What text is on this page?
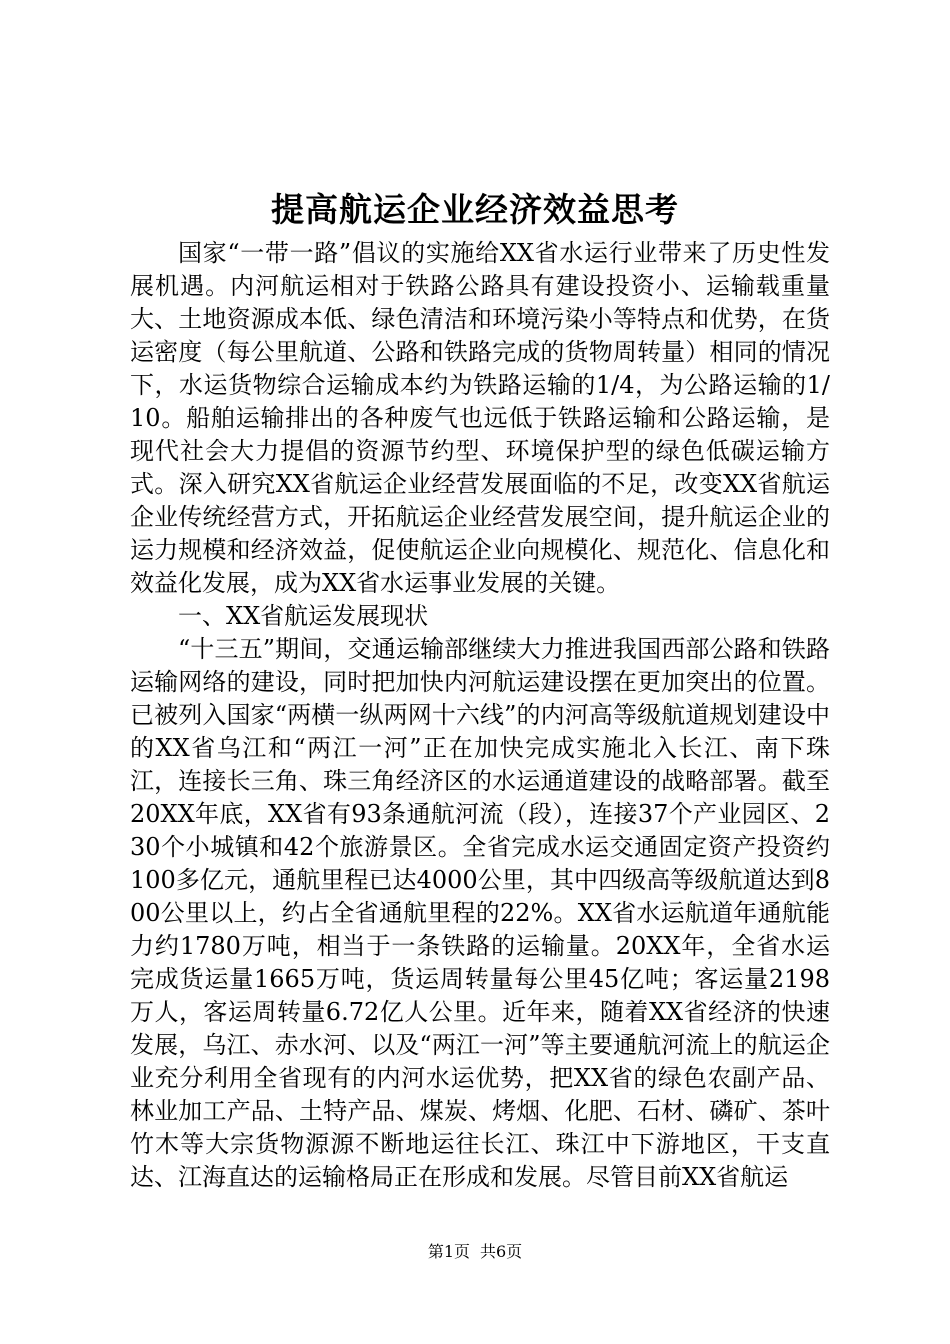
提高航运企业经济效益思考

国家“一带一路”倡议的实施给XX省水运行业带来了历史性发展机遇。内河航运相对于铁路公路具有建设投资小、运输载重量大、土地资源成本低、绿色清洁和环境污染小等特点和优势，在货运密度（每公里航道、公路和铁路完成的货物周转量）相同的情况下，水运货物综合运输成本约为铁路运输的1/4，为公路运输的1/10。船舶运输排出的各种废气也远低于铁路运输和公路运输，是现代社会大力提倡的资源节约型、环境保护型的绿色低碳运输方式。深入研究XX省航运企业经营发展面临的不足，改变XX省航运企业传统经营方式，开拓航运企业经营发展空间，提升航运企业的运力规模和经济效益，促使航运企业向规模化、规范化、信息化和效益化发展，成为XX省水运事业发展的关键。

一、XX省航运发展现状

“十三五”期间，交通运输部继续大力推进我国西部公路和铁路运输网络的建设，同时把加快内河航运建设摆在更加突出的位置。已被列入国家“两横一纵两网十六线”的内河高等级航道规划建设中的XX省乌江和“两江一河”正在加快完成实施北入长江、南下珠江，连接长三角、珠三角经济区的水运通道建设的战略部署。截至20XX年底，XX省有93条通航河流（段），连接37个产业园区、230个小城镇和42个旅游景区。全省完成水运交通固定资产投资约100多亿元，通航里程已达4000公里，其中四级高等级航道达到800公里以上，约占全省通航里程的22%。XX省水运航道年通航能力约1780万吨，相当于一条铁路的运输量。20XX年，全省水运完成货运量1665万吨，货运周转量每公里45亿吨；客运量2198万人，客运周转量6.72亿人公里。近年来，随着XX省经济的快速发展，乌江、赤水河、以及“两江一河”等主要通航河流上的航运企业充分利用全省现有的内河水运优势，把XX省的绿色农副产品、林业加工产品、土特产品、煤炭、烤烟、化肥、石材、磷矿、茶叶竹木等大宗货物源源不断地运往长江、珠江中下游地区，干支直达、江海直达的运输格局正在形成和发展。尽管目前XX省航运

第1页 共6页
